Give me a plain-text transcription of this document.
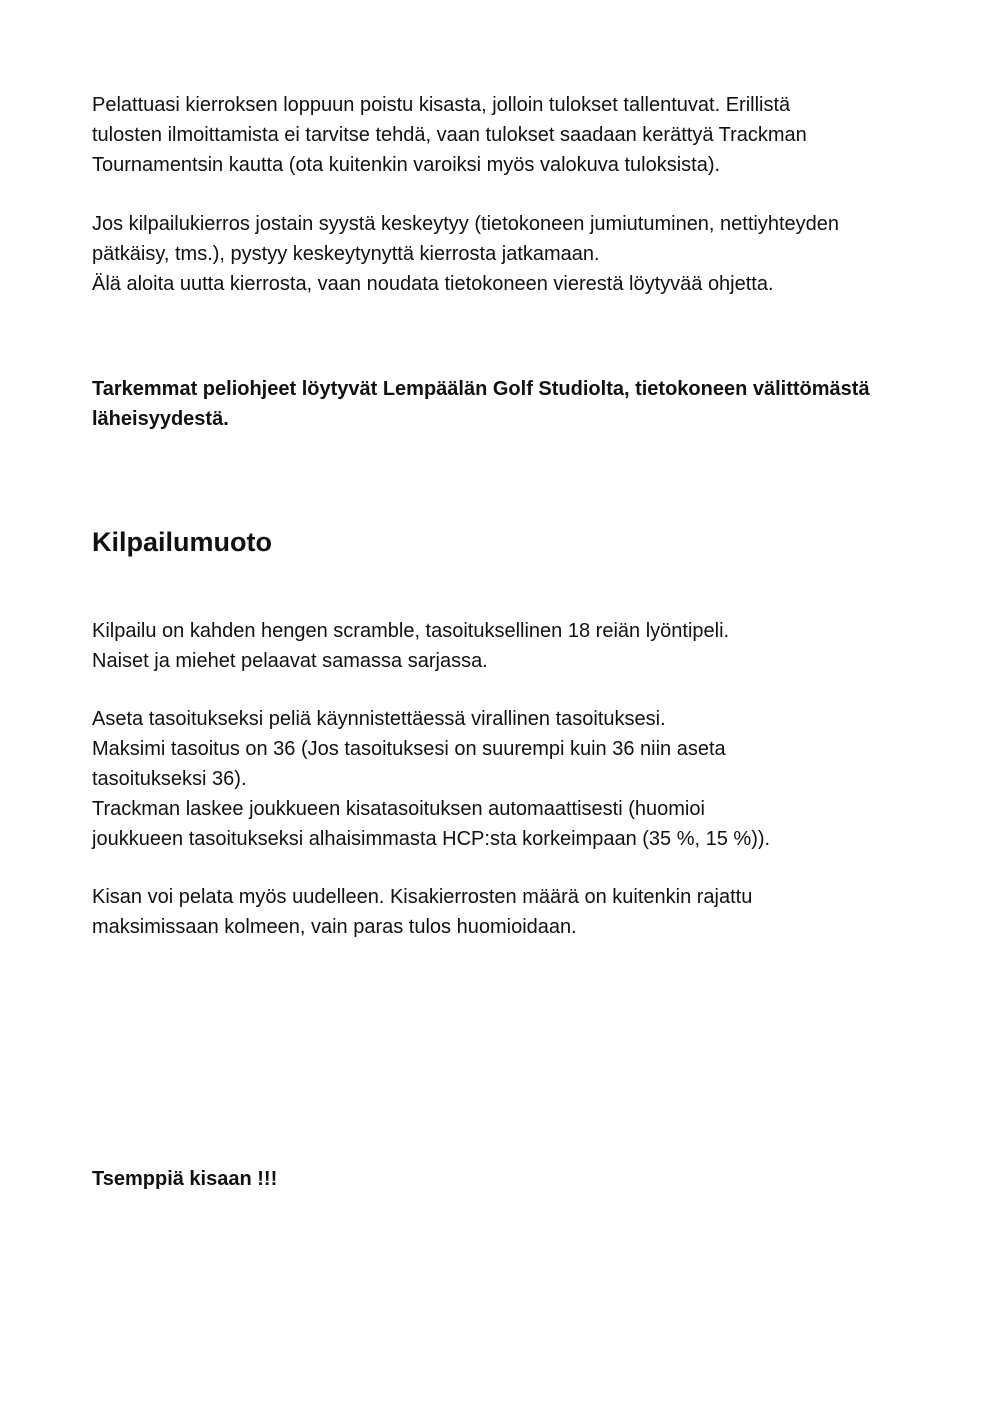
Pelattuasi kierroksen loppuun poistu kisasta, jolloin tulokset tallentuvat. Erillistä
tulosten ilmoittamista ei tarvitse tehdä, vaan tulokset saadaan kerättyä Trackman
Tournamentsin kautta (ota kuitenkin varoiksi myös valokuva tuloksista).
Jos kilpailukierros jostain syystä keskeytyy (tietokoneen jumiutuminen, nettiyhteyden
pätkäisy, tms.), pystyy keskeytynyttä kierrosta jatkamaan.
Älä aloita uutta kierrosta, vaan noudata tietokoneen vierestä löytyvää ohjetta.
Tarkemmat peliohjeet löytyvät Lempäälän Golf Studiolta, tietokoneen välittömästä
läheisyydestä.
Kilpailumuoto
Kilpailu on kahden hengen scramble, tasoituksellinen 18 reiän lyöntipeli.
Naiset ja miehet pelaavat samassa sarjassa.
Aseta tasoitukseksi peliä käynnistettäessä virallinen tasoituksesi.
Maksimi tasoitus on 36 (Jos tasoituksesi on suurempi kuin 36 niin aseta
tasoitukseksi 36).
Trackman laskee joukkueen kisatasoituksen automaattisesti (huomioi
joukkueen tasoitukseksi alhaisimmasta HCP:sta korkeimpaan (35 %, 15 %)).
Kisan voi pelata myös uudelleen. Kisakierrosten määrä on kuitenkin rajattu
maksimissaan kolmeen, vain paras tulos huomioidaan.
Tsemppiä kisaan !!!
